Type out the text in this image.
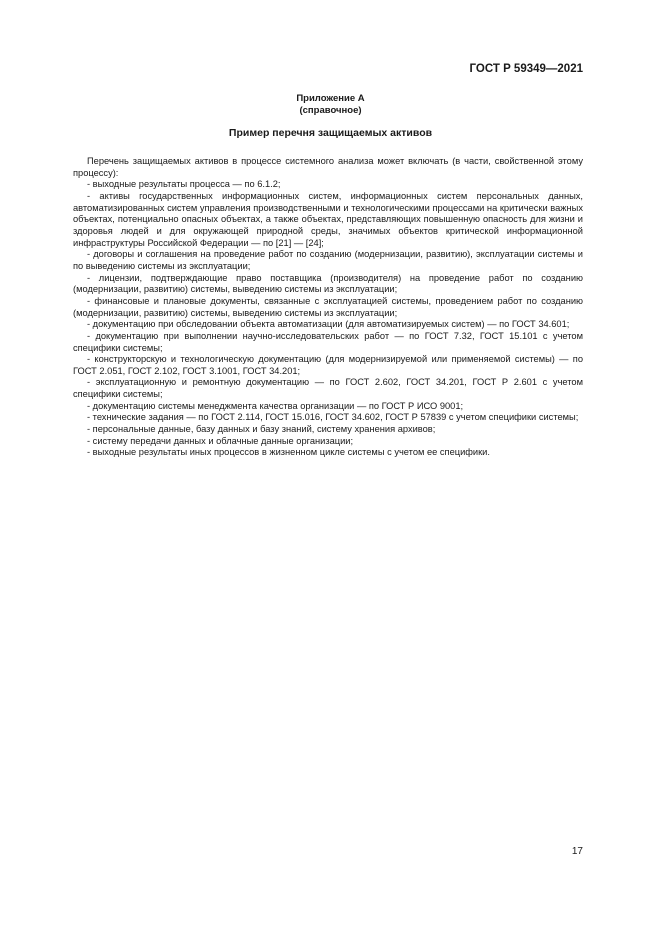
ГОСТ Р 59349—2021
Приложение А
(справочное)
Пример перечня защищаемых активов

Перечень защищаемых активов в процессе системного анализа может включать (в части, свойственной этому процессу):

- выходные результаты процесса — по 6.1.2;

- активы государственных информационных систем, информационных систем персональных данных, автоматизированных систем управления производственными и технологическими процессами на критически важных объектах, потенциально опасных объектах, а также объектах, представляющих повышенную опасность для жизни и здоровья людей и для окружающей природной среды, значимых объектов критической информационной инфраструктуры Российской Федерации — по [21] — [24];

- договоры и соглашения на проведение работ по созданию (модернизации, развитию), эксплуатации системы и по выведению системы из эксплуатации;

- лицензии, подтверждающие право поставщика (производителя) на проведение работ по созданию (модернизации, развитию) системы, выведению системы из эксплуатации;

- финансовые и плановые документы, связанные с эксплуатацией системы, проведением работ по созданию (модернизации, развитию) системы, выведению системы из эксплуатации;

- документацию при обследовании объекта автоматизации (для автоматизируемых систем) — по ГОСТ 34.601;

- документацию при выполнении научно-исследовательских работ — по ГОСТ 7.32, ГОСТ 15.101 с учетом специфики системы;

- конструкторскую и технологическую документацию (для модернизируемой или применяемой системы) — по ГОСТ 2.051, ГОСТ 2.102, ГОСТ 3.1001, ГОСТ 34.201;

- эксплуатационную и ремонтную документацию — по ГОСТ 2.602, ГОСТ 34.201, ГОСТ Р 2.601 с учетом специфики системы;

- документацию системы менеджмента качества организации — по ГОСТ Р ИСО 9001;

- технические задания — по ГОСТ 2.114, ГОСТ 15.016, ГОСТ 34.602, ГОСТ Р 57839 с учетом специфики системы;

- персональные данные, базу данных и базу знаний, систему хранения архивов;

- систему передачи данных и облачные данные организации;

- выходные результаты иных процессов в жизненном цикле системы с учетом ее специфики.

17
